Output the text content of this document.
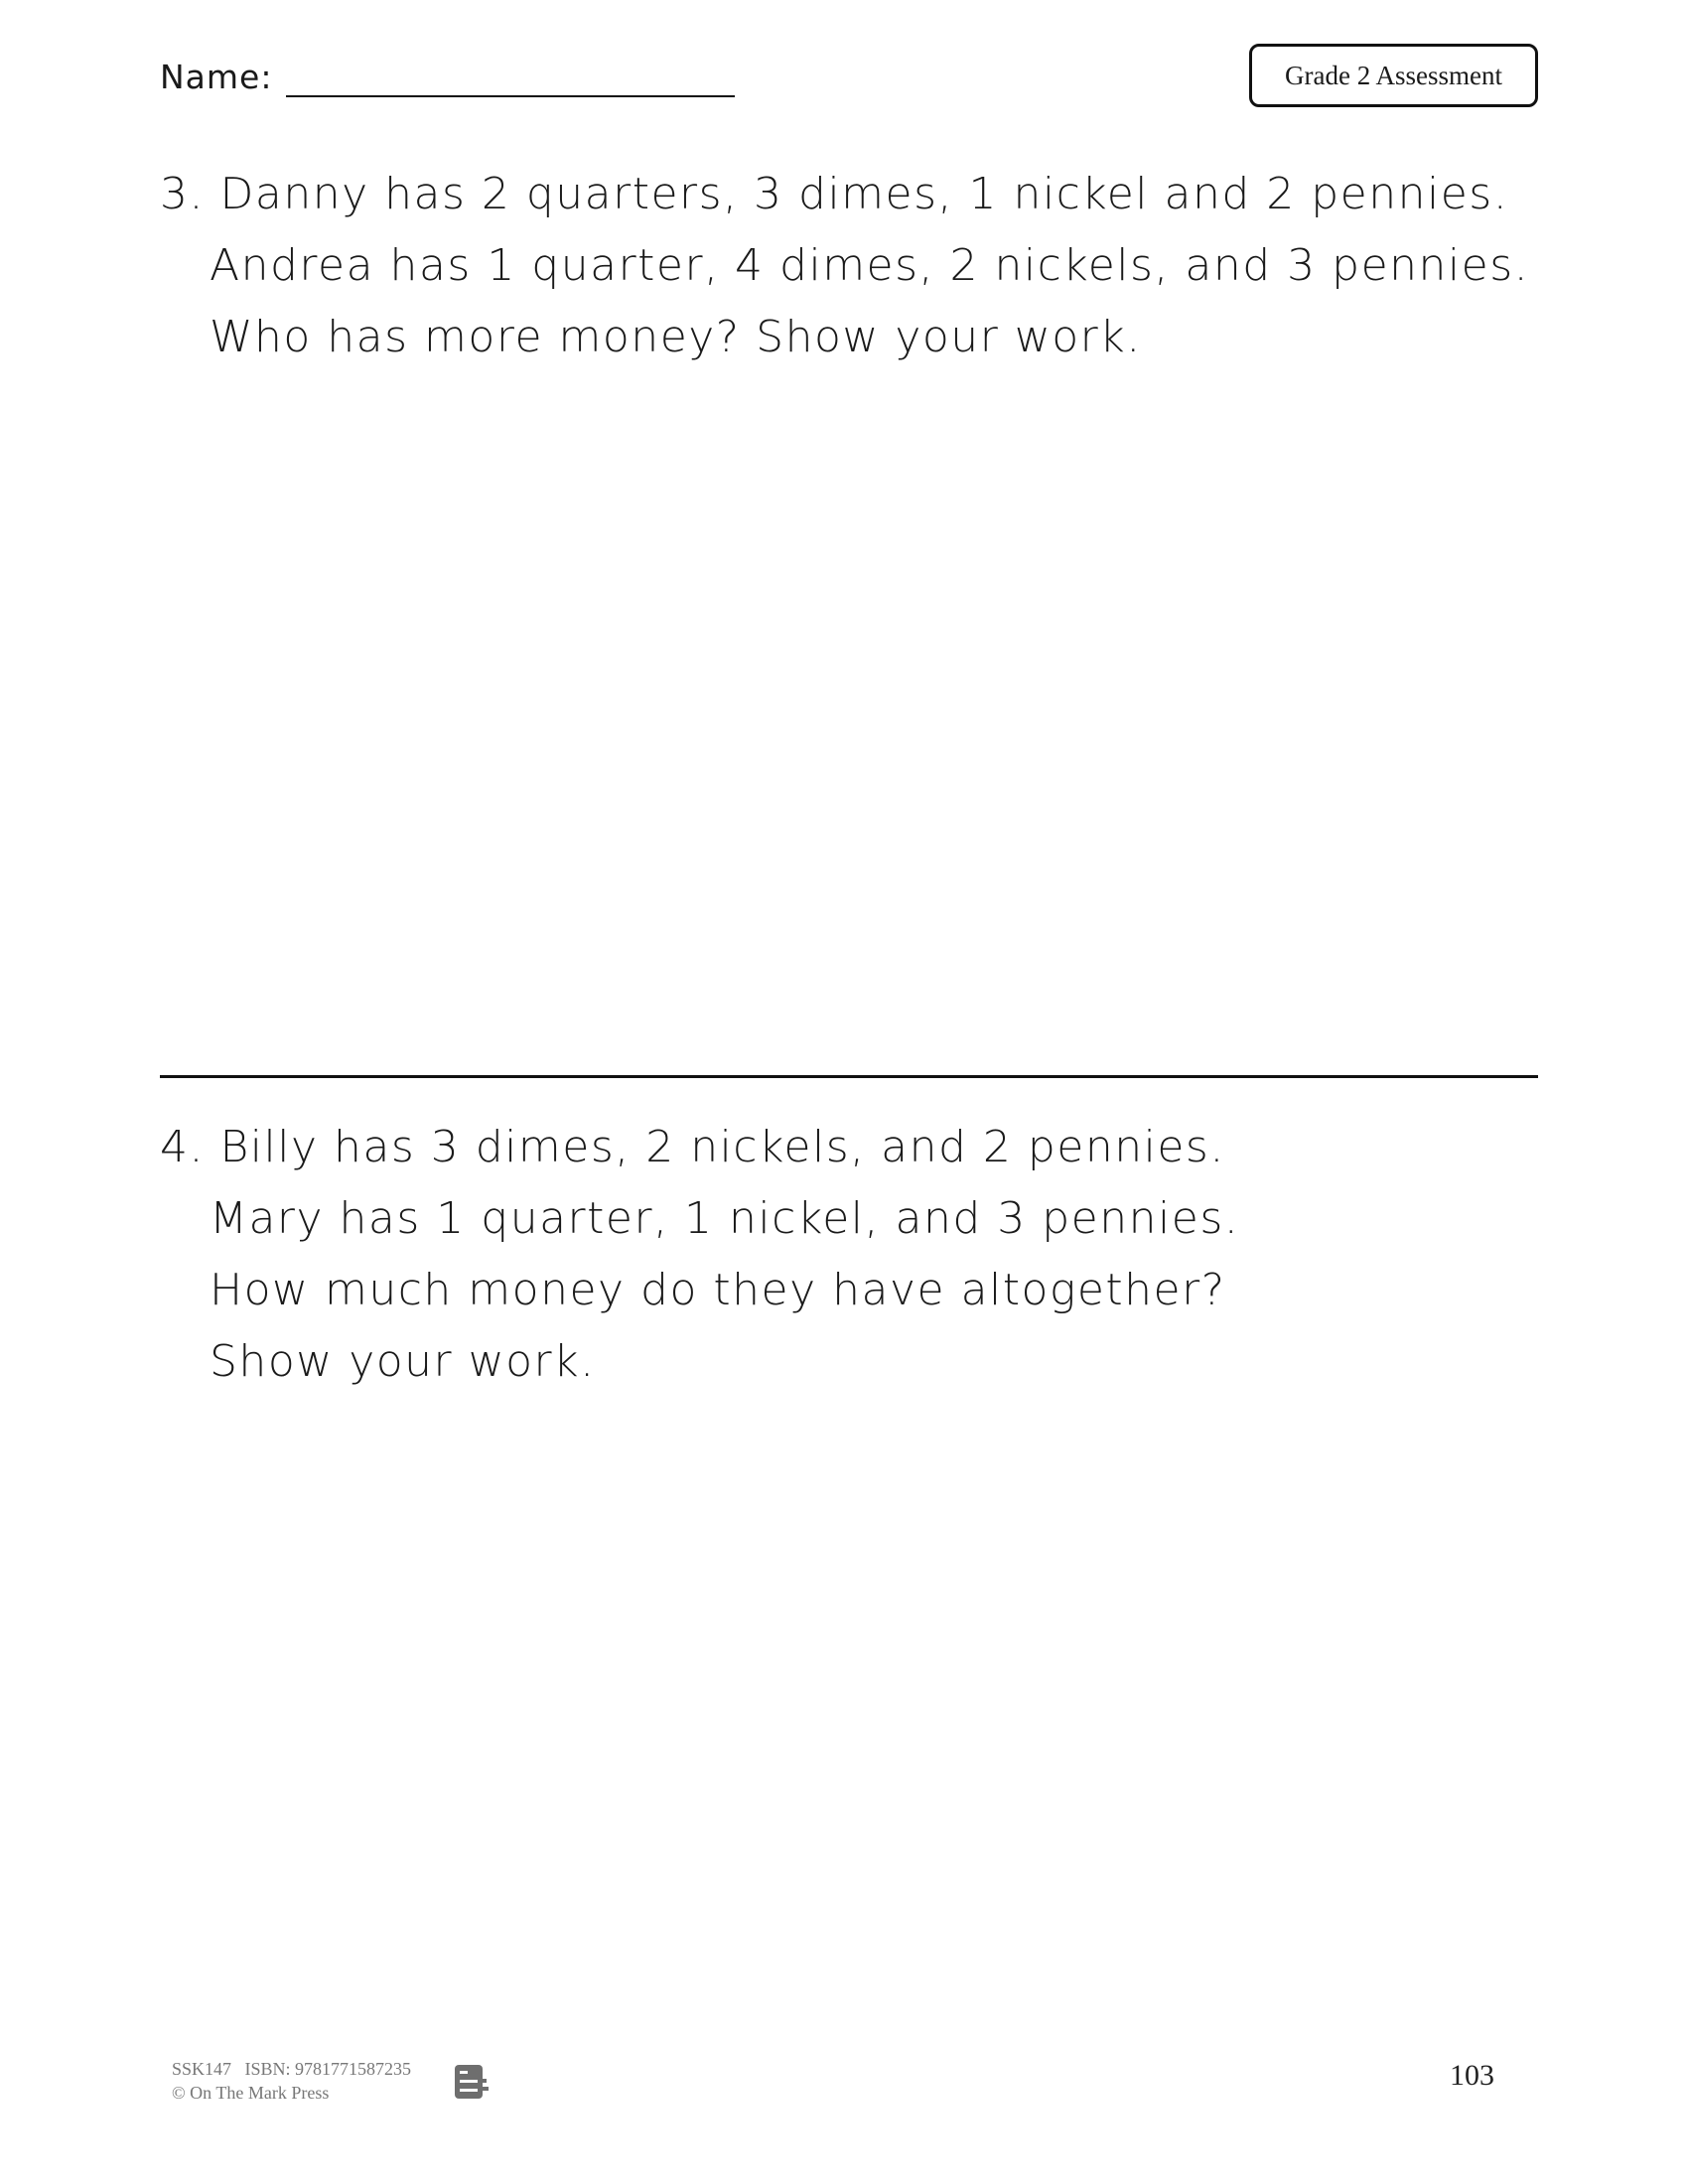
Name:	Grade 2 Assessment
3. Danny has 2 quarters, 3 dimes, 1 nickel and 2 pennies.
Andrea has 1 quarter, 4 dimes, 2 nickels, and 3 pennies.
Who has more money? Show your work.
4. Billy has 3 dimes, 2 nickels, and 2 pennies.
Mary has 1 quarter, 1 nickel, and 3 pennies.
How much money do they have altogether?
Show your work.
SSK147 ISBN: 9781771587235
© On The Mark Press
103
